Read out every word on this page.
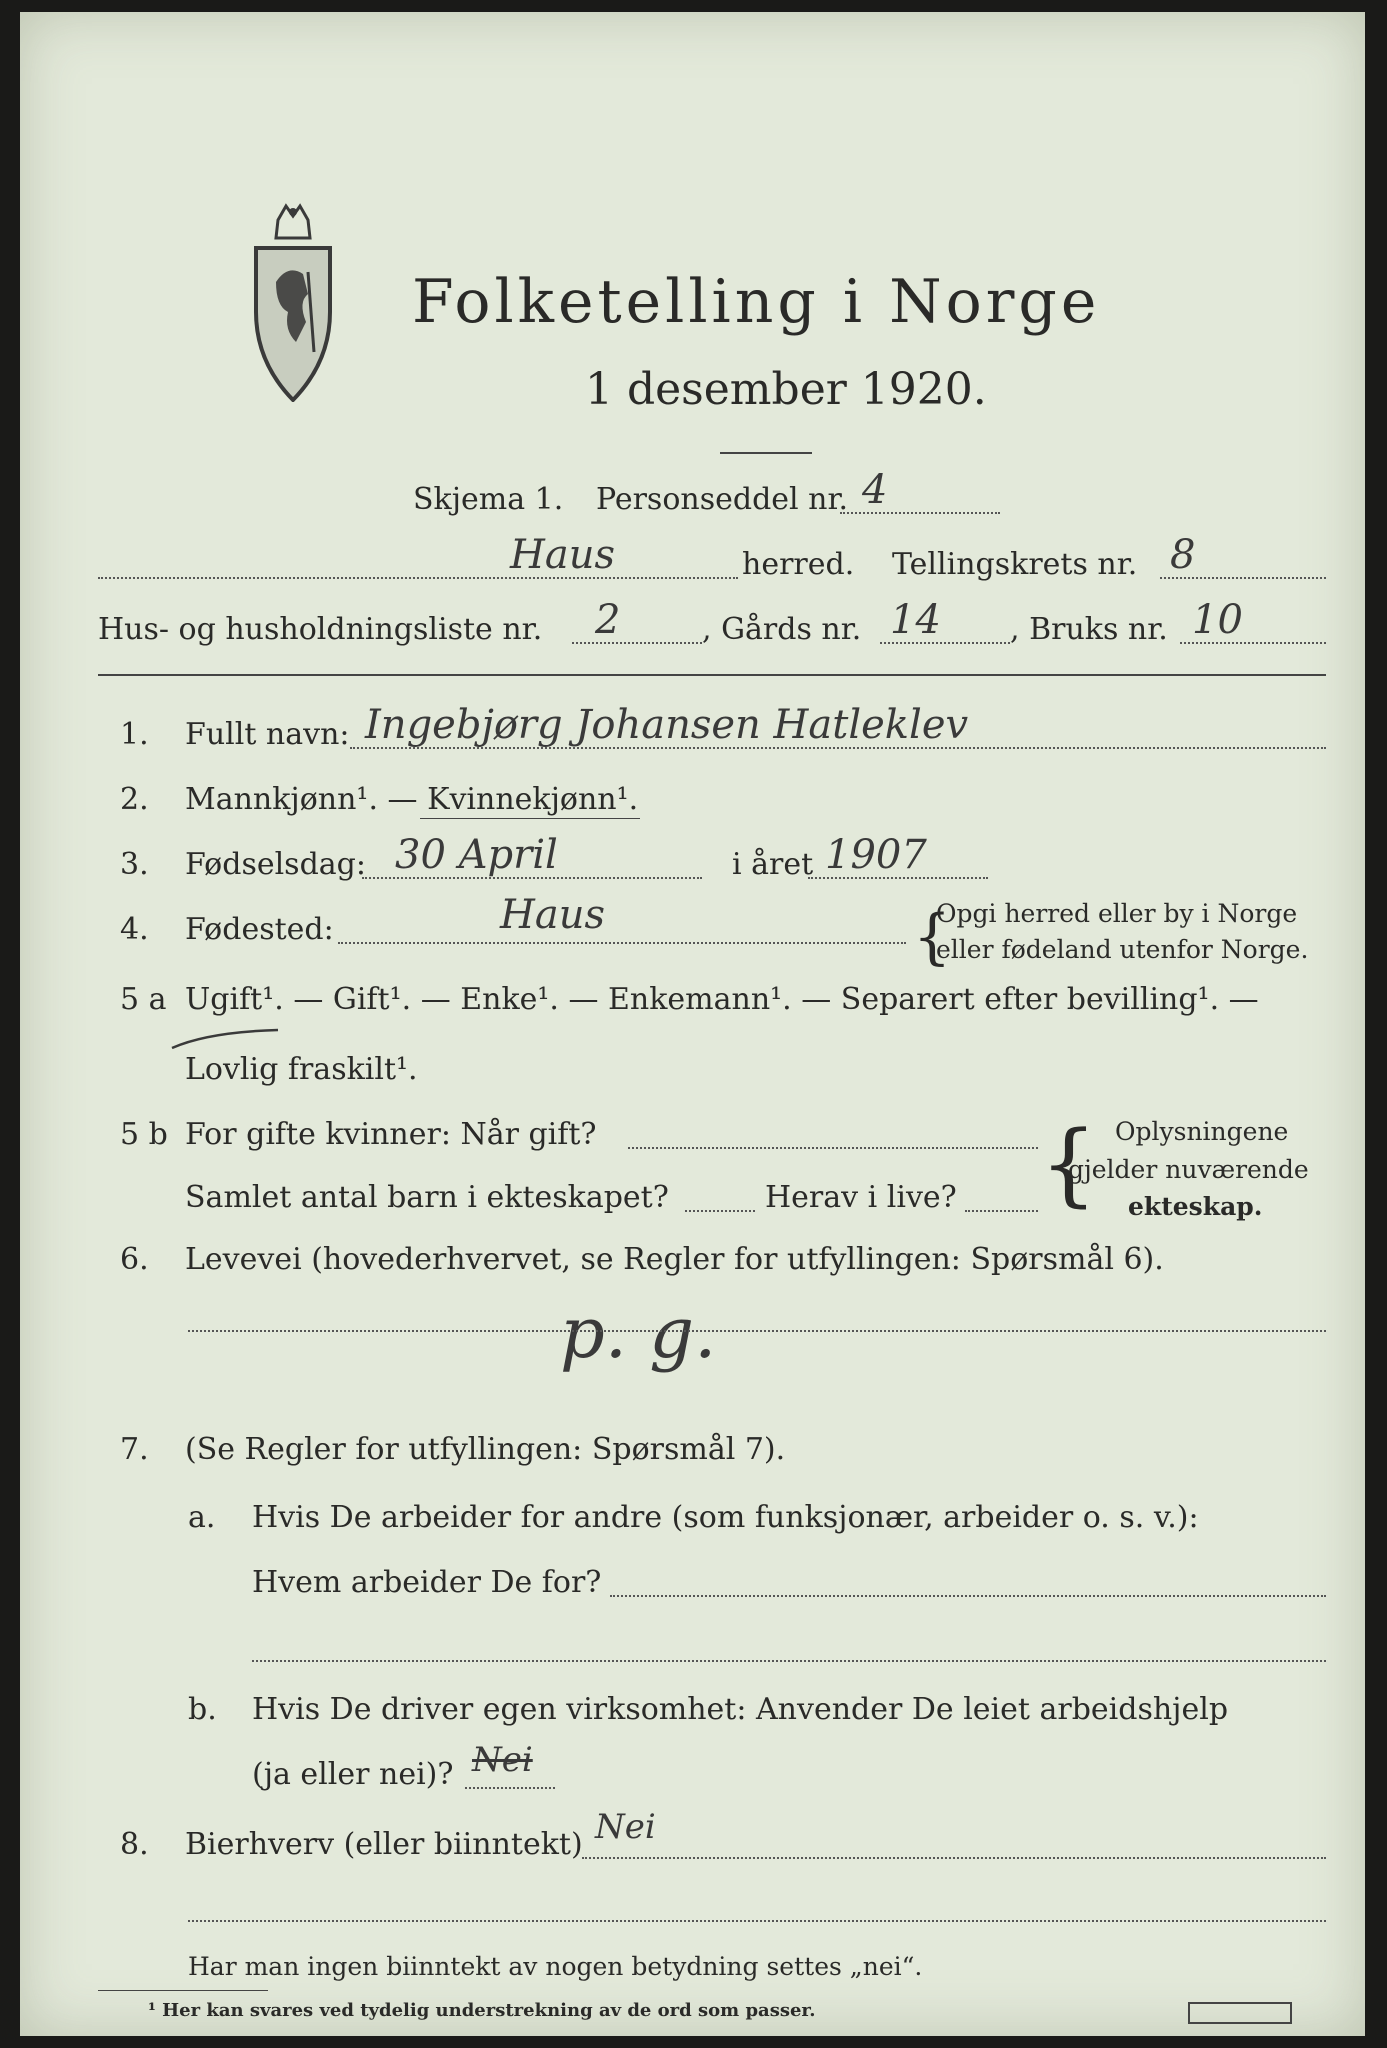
Folketelling i Norge
1 desember 1920.
Skjema 1. Personseddel nr. 4
Haus	herred. Tellingskrets nr. 8
Hus- og husholdningsliste nr. 2	, Gårds nr. 14 , Bruks nr. 10
1. Fullt navn: Ingebjørg Johansen Hatleklev
2. Mannkjønn¹. — Kvinnekjønn¹.
3. Fødselsdag: 30 April	i året 1907
4. Fødested:	Haus	{
Opgi herred eller by i Norge
eller fødeland utenfor Norge.
5 a Ugift¹. — Gift¹. — Enke¹. — Enkemann¹. — Separert efter bevilling¹. —
Lovlig fraskilt¹.
5 b For gifte kvinner: Når gift?
Samlet antal barn i ekteskapet?	Herav i live? { Oplysningene
gjelder nuværende
ekteskap.
6. Levevei (hovederhvervet, se Regler for utfyllingen: Spørsmål 6).
p. g.
7. (Se Regler for utfyllingen: Spørsmål 7).
a. Hvis De arbeider for andre (som funksjonær, arbeider o. s. v.):
Hvem arbeider De for?
b. Hvis De driver egen virksomhet: Anvender De leiet arbeidshjelp
(ja eller nei)? Nei
8. Bierhverv (eller biinntekt) Nei
Har man ingen biinntekt av nogen betydning settes „nei“.
¹ Her kan svares ved tydelig understrekning av de ord som passer.
